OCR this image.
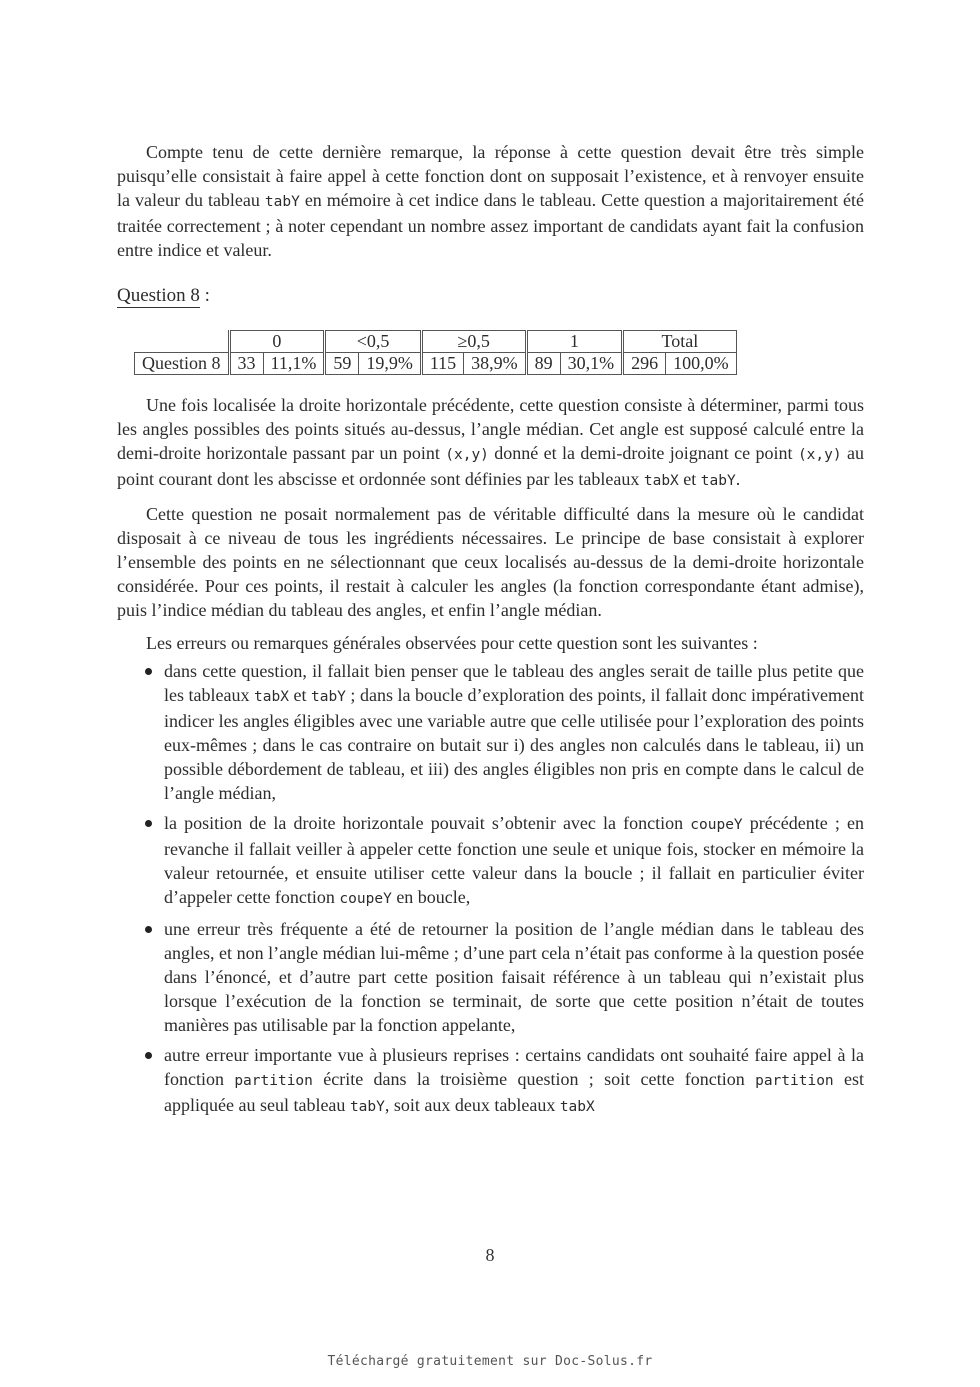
Compte tenu de cette dernière remarque, la réponse à cette question devait être très simple puisqu’elle consistait à faire appel à cette fonction dont on supposait l’existence, et à renvoyer ensuite la valeur du tableau tabY en mémoire à cet indice dans le tableau. Cette question a majoritairement été traitée correctement ; à noter cependant un nombre assez important de candidats ayant fait la confusion entre indice et valeur.

Question 8 :
	0		<0,5		≥0,5		1		Total	
Question 8	33	11,1%	59	19,9%	115	38,9%	89	30,1%	296	100,0%

Une fois localisée la droite horizontale précédente, cette question consiste à déterminer, parmi tous les angles possibles des points situés au-dessus, l’angle médian. Cet angle est supposé calculé entre la demi-droite horizontale passant par un point (x,y) donné et la demi-droite joignant ce point (x,y) au point courant dont les abscisse et ordonnée sont définies par les tableaux tabX et tabY.

Cette question ne posait normalement pas de véritable difficulté dans la mesure où le candidat disposait à ce niveau de tous les ingrédients nécessaires. Le principe de base consistait à explorer l’ensemble des points en ne sélectionnant que ceux localisés au-dessus de la demi-droite horizontale considérée. Pour ces points, il restait à calculer les angles (la fonction correspondante étant admise), puis l’indice médian du tableau des angles, et enfin l’angle médian.

Les erreurs ou remarques générales observées pour cette question sont les suivantes :

dans cette question, il fallait bien penser que le tableau des angles serait de taille plus petite que les tableaux tabX et tabY ; dans la boucle d’exploration des points, il fallait donc impérativement indicer les angles éligibles avec une variable autre que celle utilisée pour l’exploration des points eux-mêmes ; dans le cas contraire on butait sur i) des angles non calculés dans le tableau, ii) un possible débordement de tableau, et iii) des angles éligibles non pris en compte dans le calcul de l’angle médian,
la position de la droite horizontale pouvait s’obtenir avec la fonction coupeY précédente ; en revanche il fallait veiller à appeler cette fonction une seule et unique fois, stocker en mémoire la valeur retournée, et ensuite utiliser cette valeur dans la boucle ; il fallait en particulier éviter d’appeler cette fonction coupeY en boucle,
une erreur très fréquente a été de retourner la position de l’angle médian dans le tableau des angles, et non l’angle médian lui-même ; d’une part cela n’était pas conforme à la question posée dans l’énoncé, et d’autre part cette position faisait référence à un tableau qui n’existait plus lorsque l’exécution de la fonction se terminait, de sorte que cette position n’était de toutes manières pas utilisable par la fonction appelante,
autre erreur importante vue à plusieurs reprises : certains candidats ont souhaité faire appel à la fonction partition écrite dans la troisième question ; soit cette fonction partition est appliquée au seul tableau tabY, soit aux deux tableaux tabX
8
Téléchargé gratuitement sur Doc-Solus.fr
